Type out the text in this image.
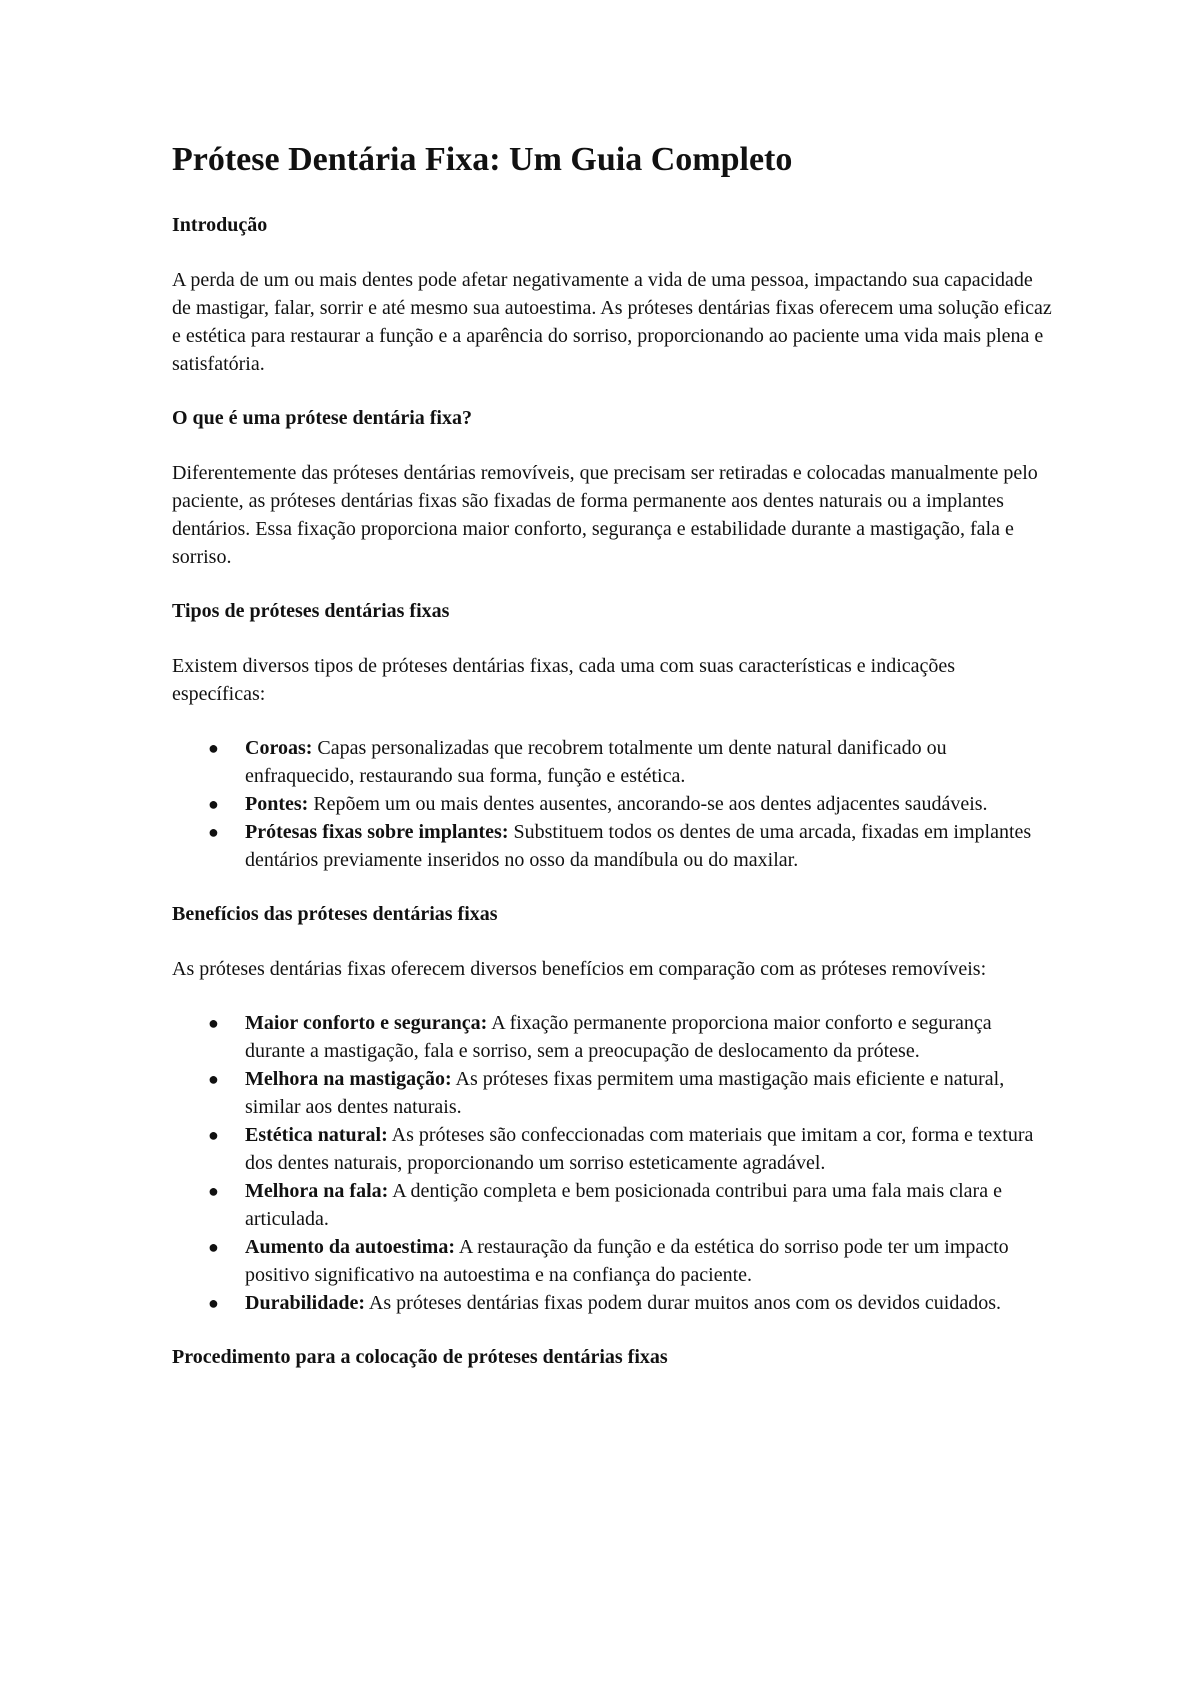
Prótese Dentária Fixa: Um Guia Completo
Introdução

A perda de um ou mais dentes pode afetar negativamente a vida de uma pessoa, impactando sua capacidade de mastigar, falar, sorrir e até mesmo sua autoestima. As próteses dentárias fixas oferecem uma solução eficaz e estética para restaurar a função e a aparência do sorriso, proporcionando ao paciente uma vida mais plena e satisfatória.

O que é uma prótese dentária fixa?

Diferentemente das próteses dentárias removíveis, que precisam ser retiradas e colocadas manualmente pelo paciente, as próteses dentárias fixas são fixadas de forma permanente aos dentes naturais ou a implantes dentários. Essa fixação proporciona maior conforto, segurança e estabilidade durante a mastigação, fala e sorriso.

Tipos de próteses dentárias fixas

Existem diversos tipos de próteses dentárias fixas, cada uma com suas características e indicações específicas:

● Coroas: Capas personalizadas que recobrem totalmente um dente natural danificado ou enfraquecido, restaurando sua forma, função e estética.
● Pontes: Repõem um ou mais dentes ausentes, ancorando-se aos dentes adjacentes saudáveis.
● Prótesas fixas sobre implantes: Substituem todos os dentes de uma arcada, fixadas em implantes dentários previamente inseridos no osso da mandíbula ou do maxilar.
Benefícios das próteses dentárias fixas

As próteses dentárias fixas oferecem diversos benefícios em comparação com as próteses removíveis:

● Maior conforto e segurança: A fixação permanente proporciona maior conforto e segurança durante a mastigação, fala e sorriso, sem a preocupação de deslocamento da prótese.
● Melhora na mastigação: As próteses fixas permitem uma mastigação mais eficiente e natural, similar aos dentes naturais.
● Estética natural: As próteses são confeccionadas com materiais que imitam a cor, forma e textura dos dentes naturais, proporcionando um sorriso esteticamente agradável.
● Melhora na fala: A dentição completa e bem posicionada contribui para uma fala mais clara e articulada.
● Aumento da autoestima: A restauração da função e da estética do sorriso pode ter um impacto positivo significativo na autoestima e na confiança do paciente.
● Durabilidade: As próteses dentárias fixas podem durar muitos anos com os devidos cuidados.
Procedimento para a colocação de próteses dentárias fixas
